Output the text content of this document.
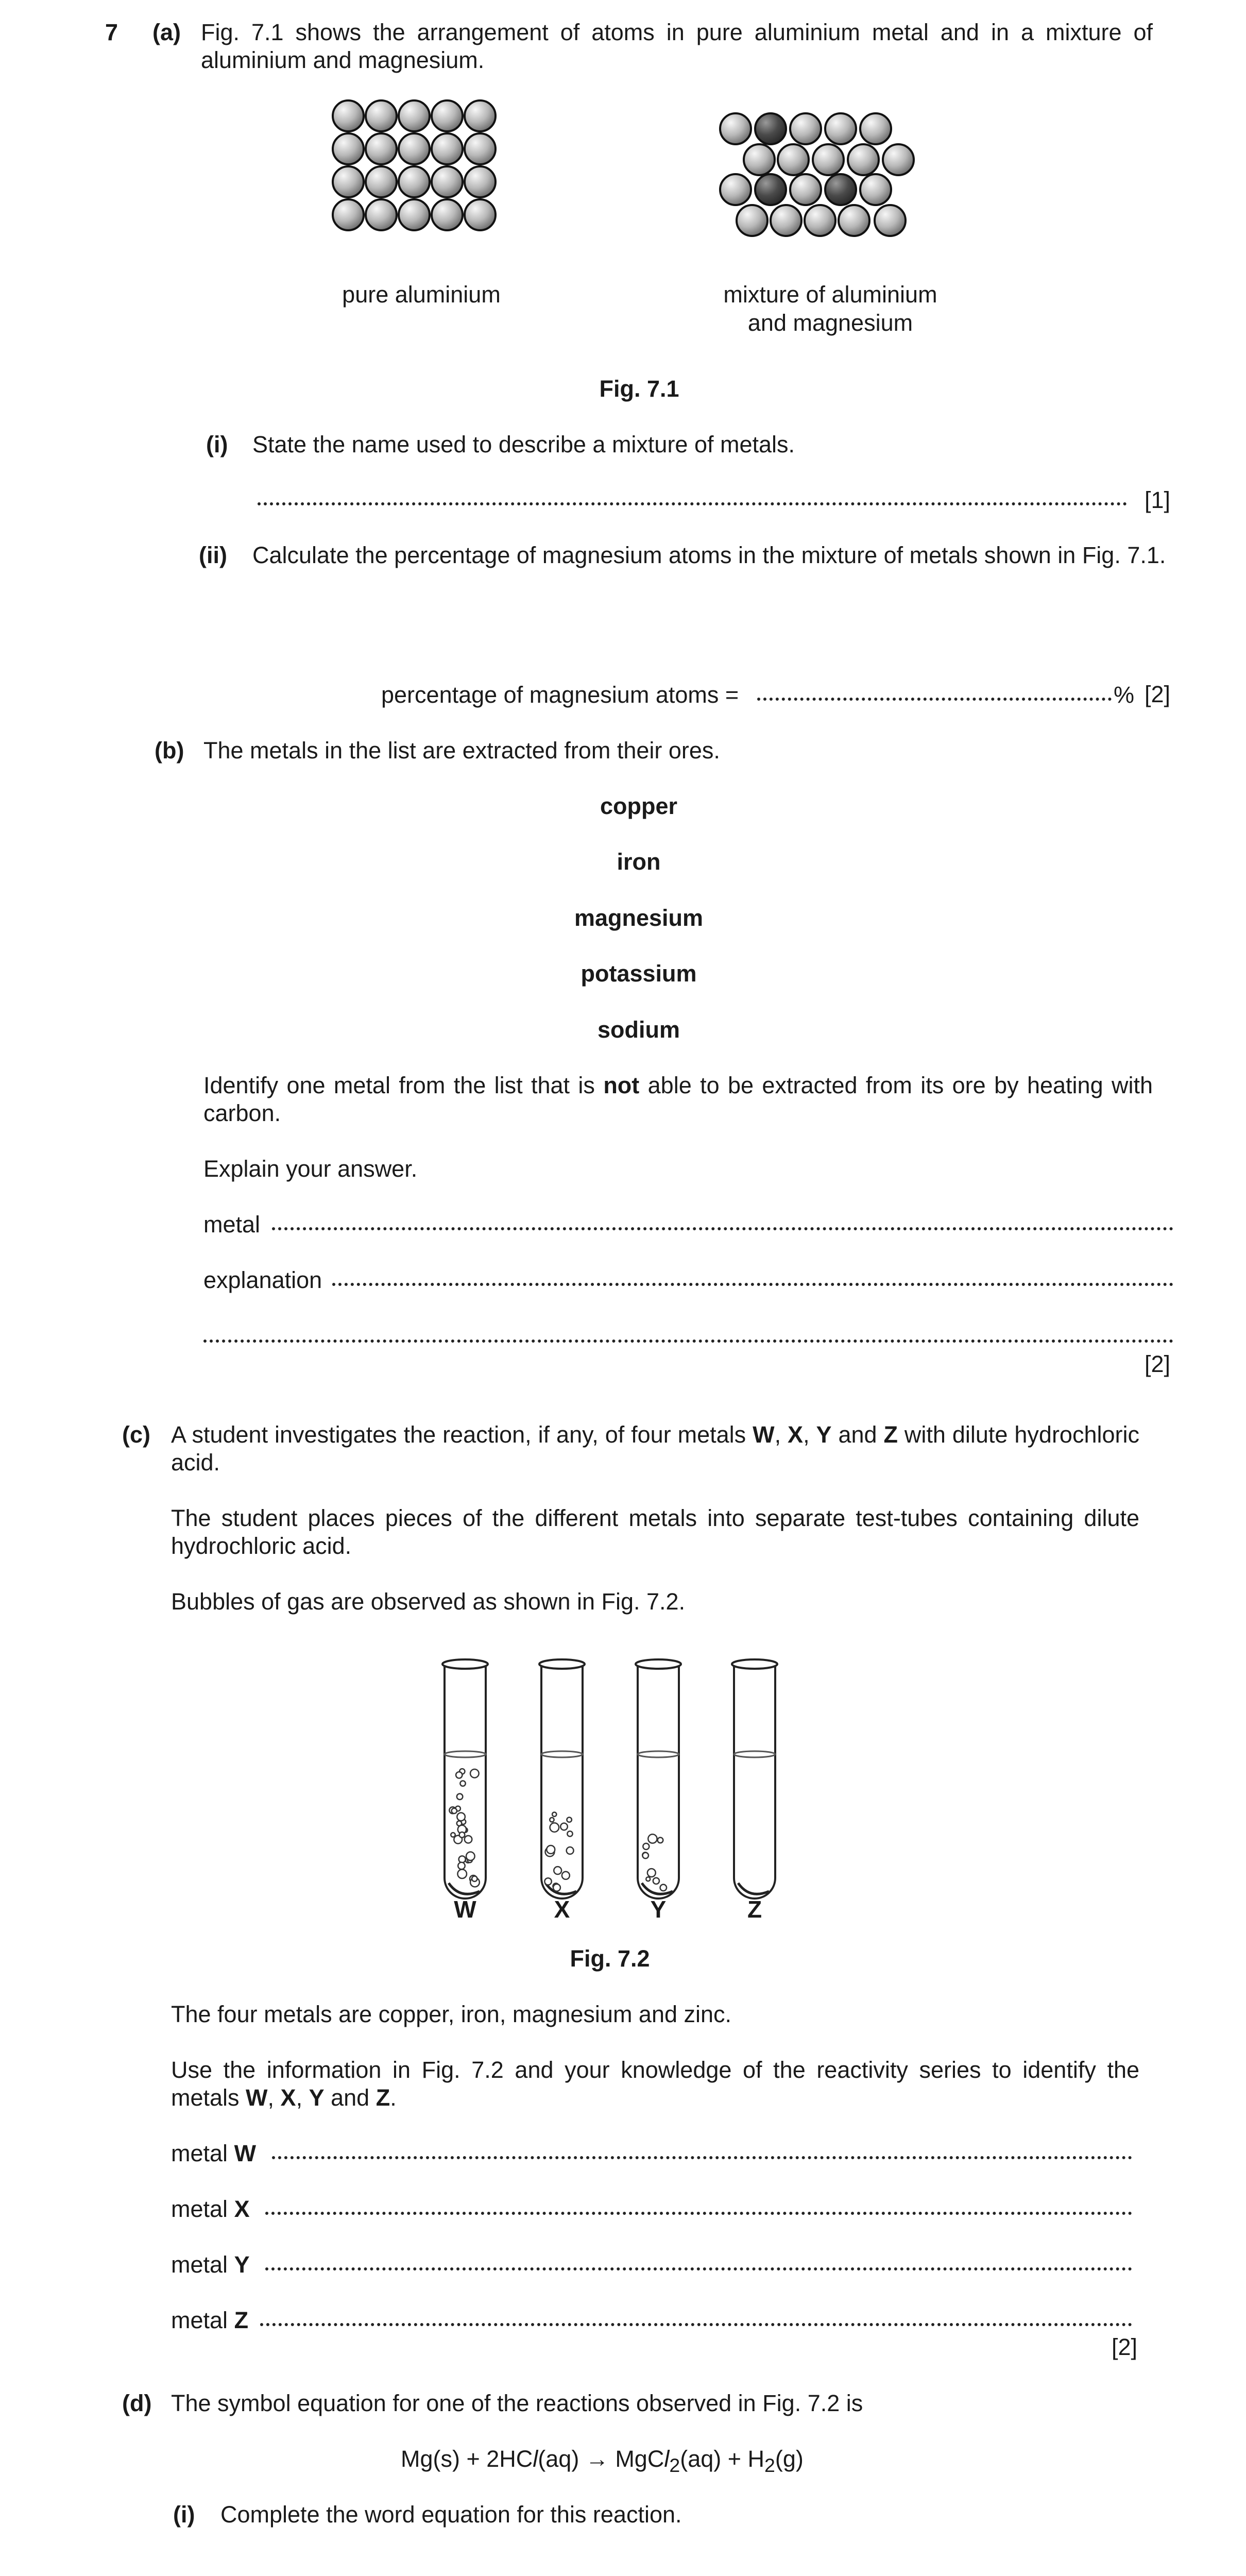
7 (a) Fig. 7.1 shows the arrangement of atoms in pure aluminium metal and in a mixture of aluminium and magnesium.
pure aluminium	mixture of aluminium
and magnesium
Fig. 7.1
(i) State the name used to describe a mixture of metals.
[1]
(ii) Calculate the percentage of magnesium atoms in the mixture of metals shown in Fig. 7.1.
percentage of magnesium atoms =	% [2]
(b) The metals in the list are extracted from their ores.
copper
iron
magnesium
potassium
sodium
Identify one metal from the list that is not able to be extracted from its ore by heating with carbon.
Explain your answer.
metal
explanation
[2]
(c) A student investigates the reaction, if any, of four metals W, X, Y and Z with dilute hydrochloric acid.
The student places pieces of the different metals into separate test-tubes containing dilute hydrochloric acid.
Bubbles of gas are observed as shown in Fig. 7.2.
W	X	Y	Z
Fig. 7.2
The four metals are copper, iron, magnesium and zinc.
Use the information in Fig. 7.2 and your knowledge of the reactivity series to identify the metals W, X, Y and Z.
metal W
metal X
metal Y
metal Z
[2]
(d) The symbol equation for one of the reactions observed in Fig. 7.2 is
Mg(s) + 2HCl(aq) → MgCl$_2$(aq) + $H_2(g)$
(i) Complete the word equation for this reaction.
